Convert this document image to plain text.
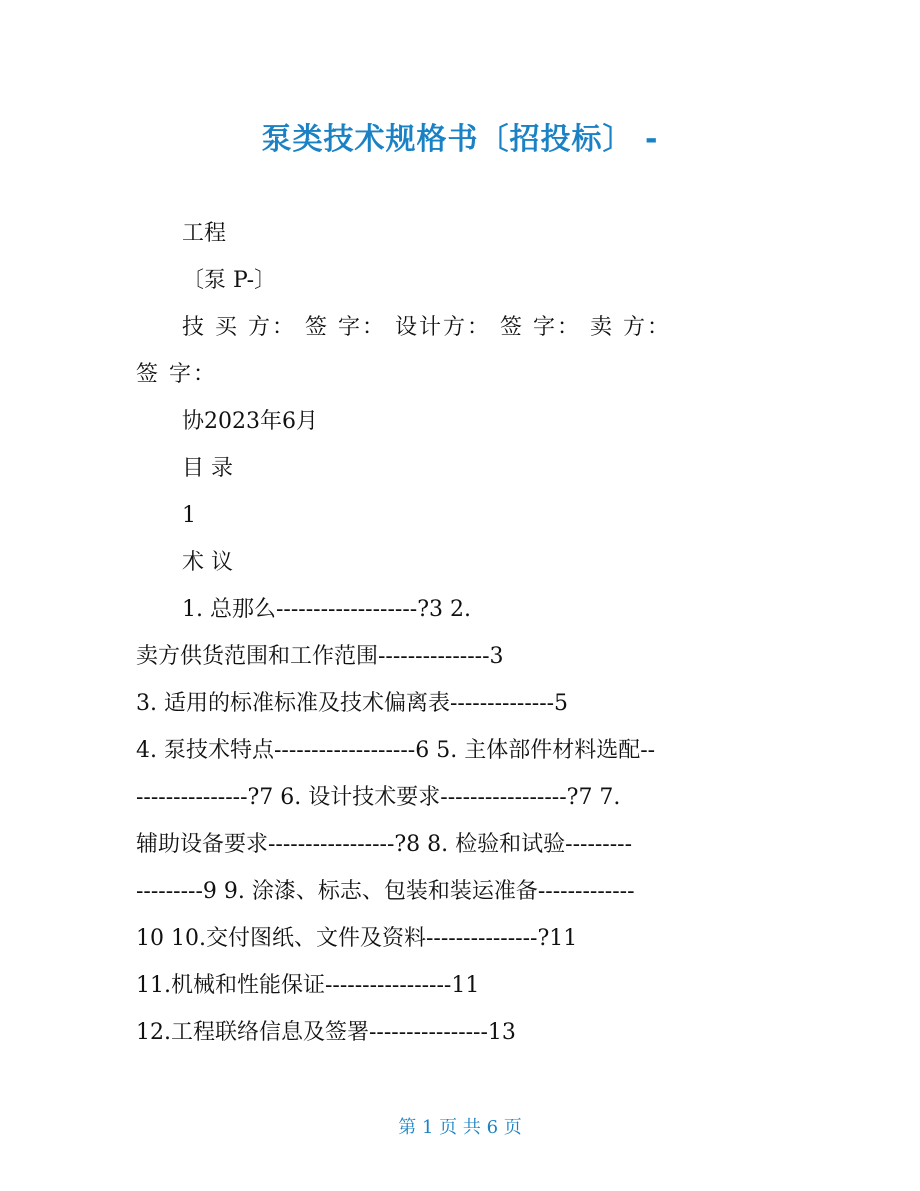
泵类技术规格书〔招投标〕 -

工程

〔泵 P-〕

技 买 方： 签 字： 设计方： 签 字： 卖 方：

签 字：

协2023年6月

目 录

1

术 议

1. 总那么-------------------?3 2.

卖方供货范围和工作范围---------------3

3. 适用的标准标准及技术偏离表--------------5

4. 泵技术特点-------------------6 5. 主体部件材料选配--

---------------?7 6. 设计技术要求-----------------?7 7.

辅助设备要求-----------------?8 8. 检验和试验---------

---------9 9. 涂漆、标志、包装和装运准备-------------

10 10.交付图纸、文件及资料---------------?11

11.机械和性能保证-----------------11

12.工程联络信息及签署----------------13

第 1 页 共 6 页
